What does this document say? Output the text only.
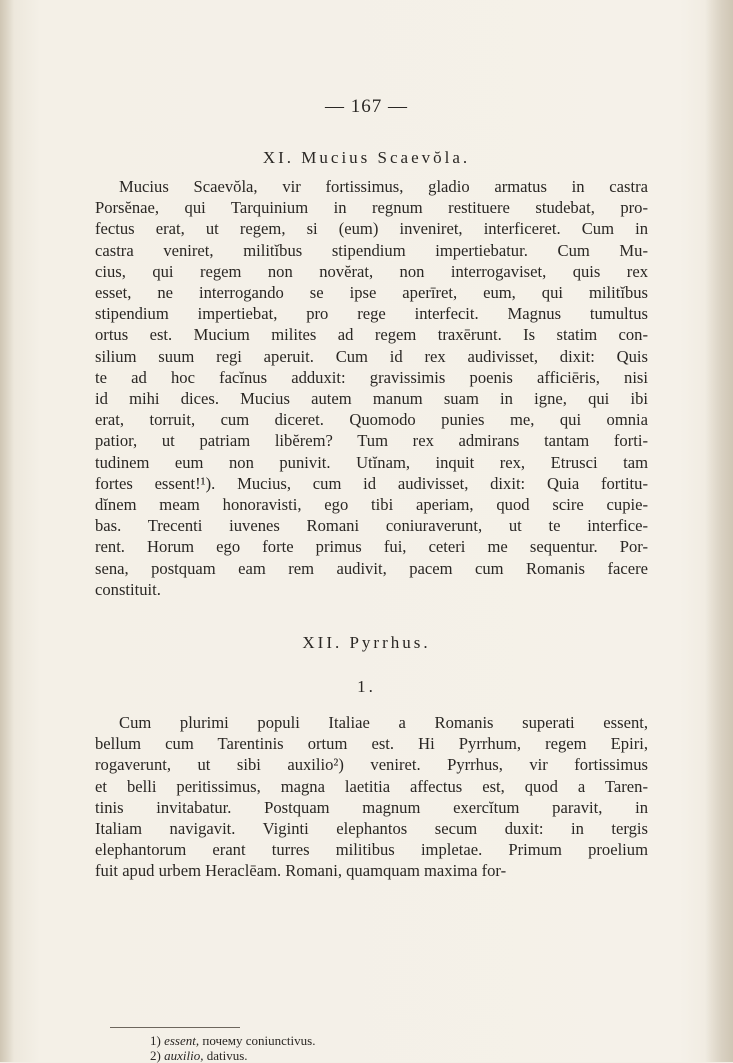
— 167 —
XI. Mucius Scaevŏla.
Mucius Scaevŏla, vir fortissimus, gladio armatus in castra
Porsĕnae, qui Tarquinium in regnum restituere studebat, pro-
fectus erat, ut regem, si (eum) inveniret, interficeret. Cum in
castra veniret, militĭbus stipendium impertiebatur. Cum Mu-
cius, qui regem non novĕrat, non interrogaviset, quis rex
esset, ne interrogando se ipse aperīret, eum, qui militĭbus
stipendium impertiebat, pro rege interfecit. Magnus tumultus
ortus est. Mucium milites ad regem traxērunt. Is statim con-
silium suum regi aperuit. Cum id rex audivisset, dixit: Quis
te ad hoc facĭnus adduxit: gravissimis poenis afficiēris, nisi
id mihi dices. Mucius autem manum suam in igne, qui ibi
erat, torruit, cum diceret. Quomodo punies me, qui omnia
patior, ut patriam libĕrem? Tum rex admirans tantam forti-
tudinem eum non punivit. Utĭnam, inquit rex, Etrusci tam
fortes essent!¹). Mucius, cum id audivisset, dixit: Quia fortitu-
dĭnem meam honoravisti, ego tibi aperiam, quod scire cupie-
bas. Trecenti iuvenes Romani coniuraverunt, ut te interfice-
rent. Horum ego forte primus fui, ceteri me sequentur. Por-
sena, postquam eam rem audivit, pacem cum Romanis facere
constituit.
XII. Pyrrhus.
1.
Cum plurimi populi Italiae a Romanis superati essent,
bellum cum Tarentinis ortum est. Hi Pyrrhum, regem Epiri,
rogaverunt, ut sibi auxilio²) veniret. Pyrrhus, vir fortissimus
et belli peritissimus, magna laetitia affectus est, quod a Taren-
tinis invitabatur. Postquam magnum exercĭtum paravit, in
Italiam navigavit. Viginti elephantos secum duxit: in tergis
elephantorum erant turres militibus impletae. Primum proelium
fuit apud urbem Heraclēam. Romani, quamquam maxima for-
1) essent, почему coniunctivus.
2) auxilio, dativus.
